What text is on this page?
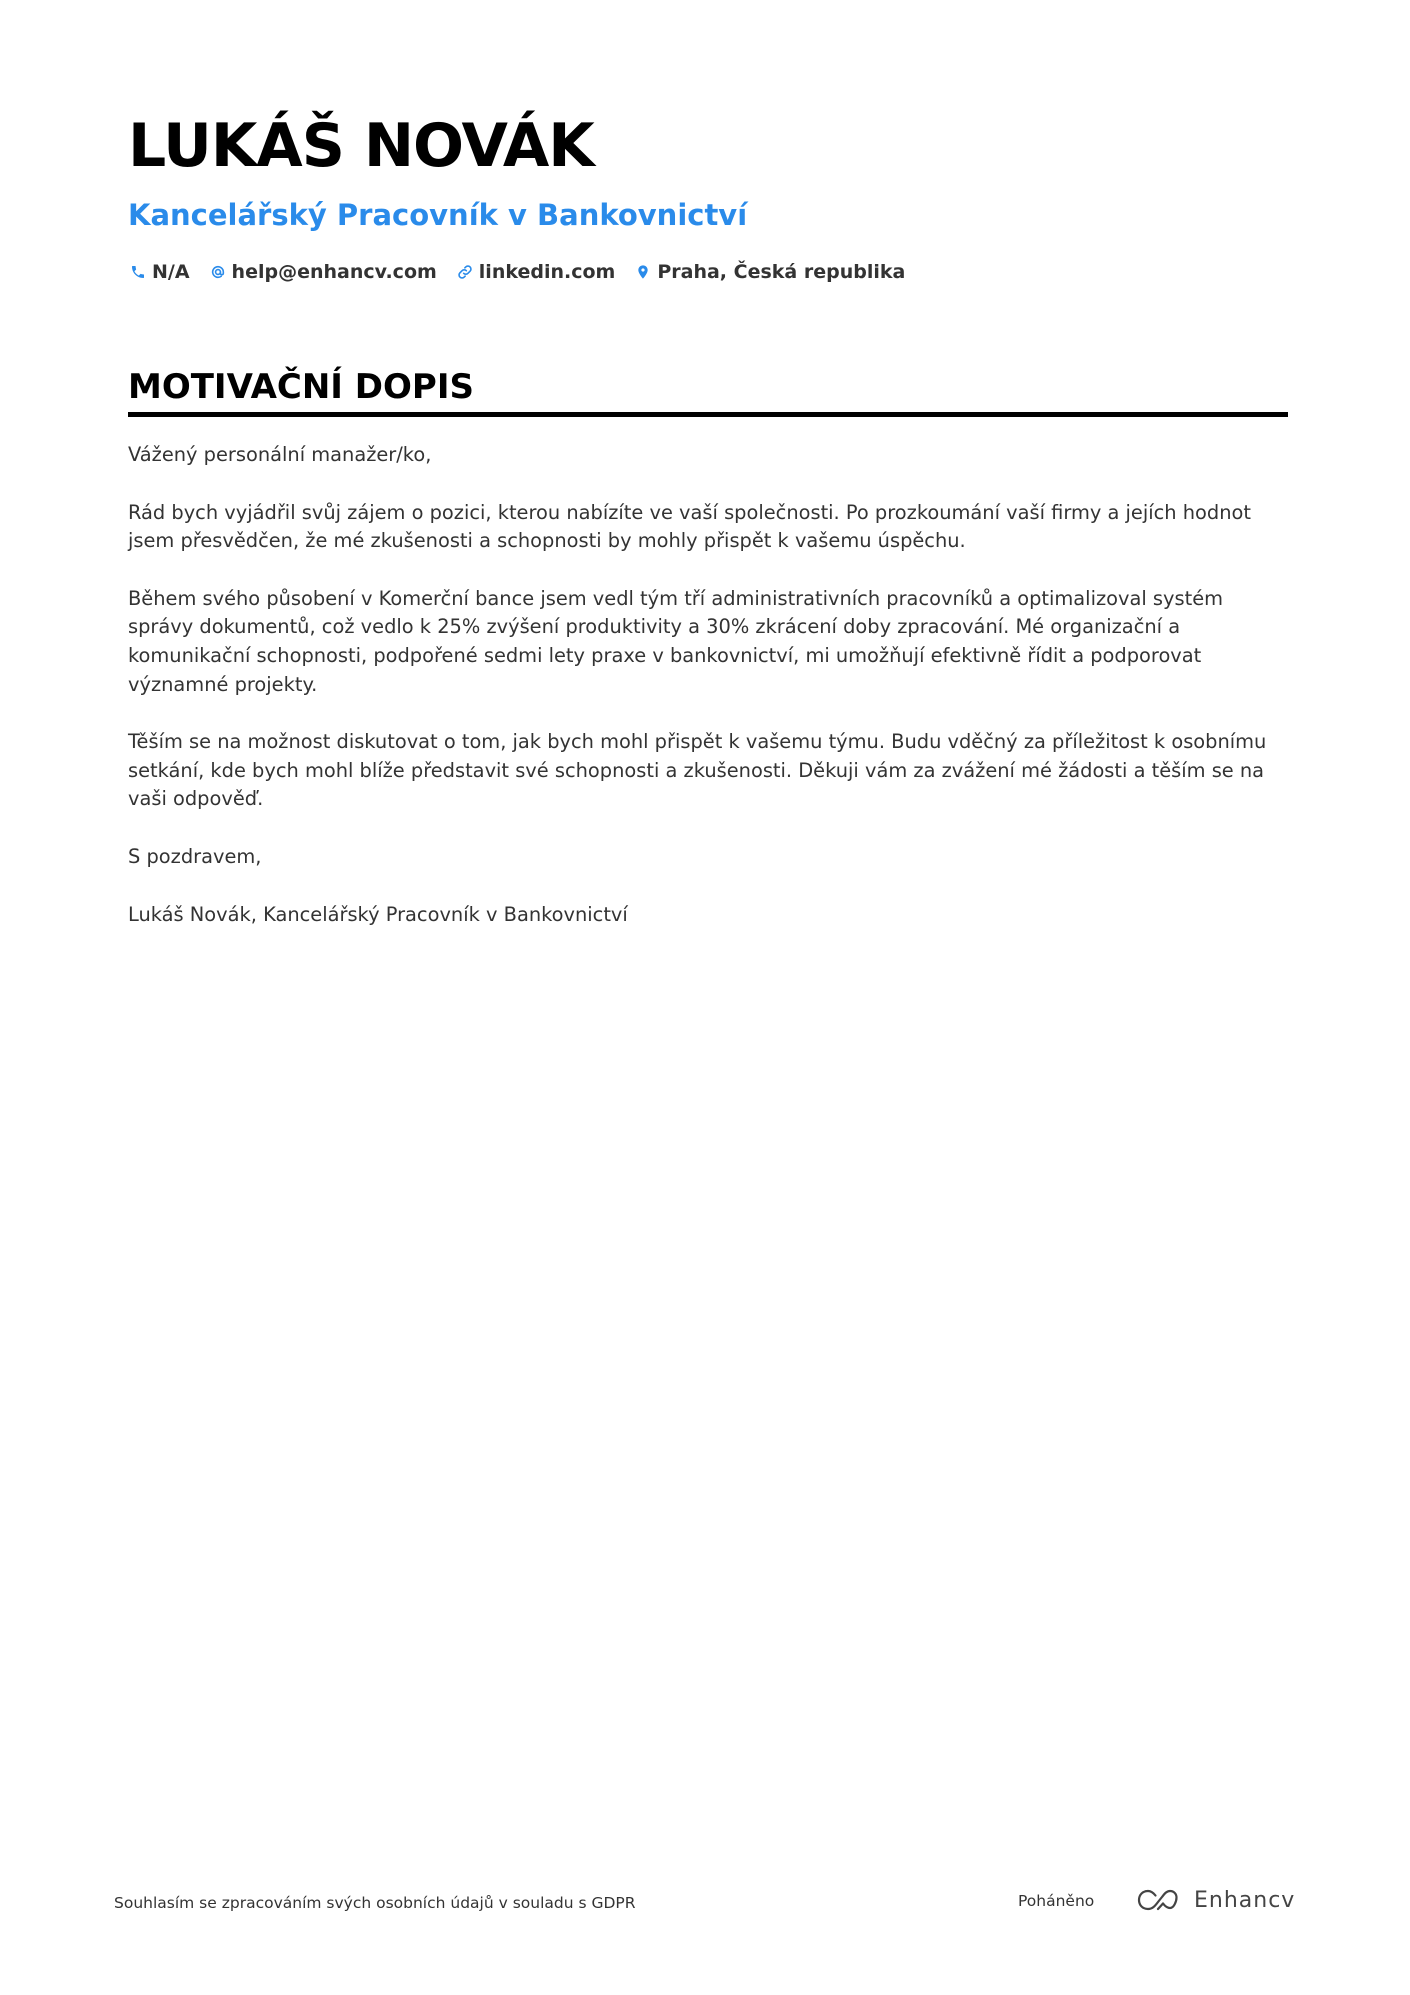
LUKÁŠ NOVÁK
Kancelářský Pracovník v Bankovnictví
N/A help@enhancv.com linkedin.com Praha, Česká republika
MOTIVAČNÍ DOPIS

Vážený personální manažer/ko,

Rád bych vyjádřil svůj zájem o pozici, kterou nabízíte ve vaší společnosti. Po prozkoumání vaší firmy a jejích hodnot jsem přesvědčen, že mé zkušenosti a schopnosti by mohly přispět k vašemu úspěchu.

Během svého působení v Komerční bance jsem vedl tým tří administrativních pracovníků a optimalizoval systém správy dokumentů, což vedlo k 25% zvýšení produktivity a 30% zkrácení doby zpracování. Mé organizační a komunikační schopnosti, podpořené sedmi lety praxe v bankovnictví, mi umožňují efektivně řídit a podporovat významné projekty.

Těším se na možnost diskutovat o tom, jak bych mohl přispět k vašemu týmu. Budu vděčný za příležitost k osobnímu setkání, kde bych mohl blíže představit své schopnosti a zkušenosti. Děkuji vám za zvážení mé žádosti a těším se na vaši odpověď.

S pozdravem,

Lukáš Novák, Kancelářský Pracovník v Bankovnictví

Souhlasím se zpracováním svých osobních údajů v souladu s GDPR	Poháněno	Enhancv
